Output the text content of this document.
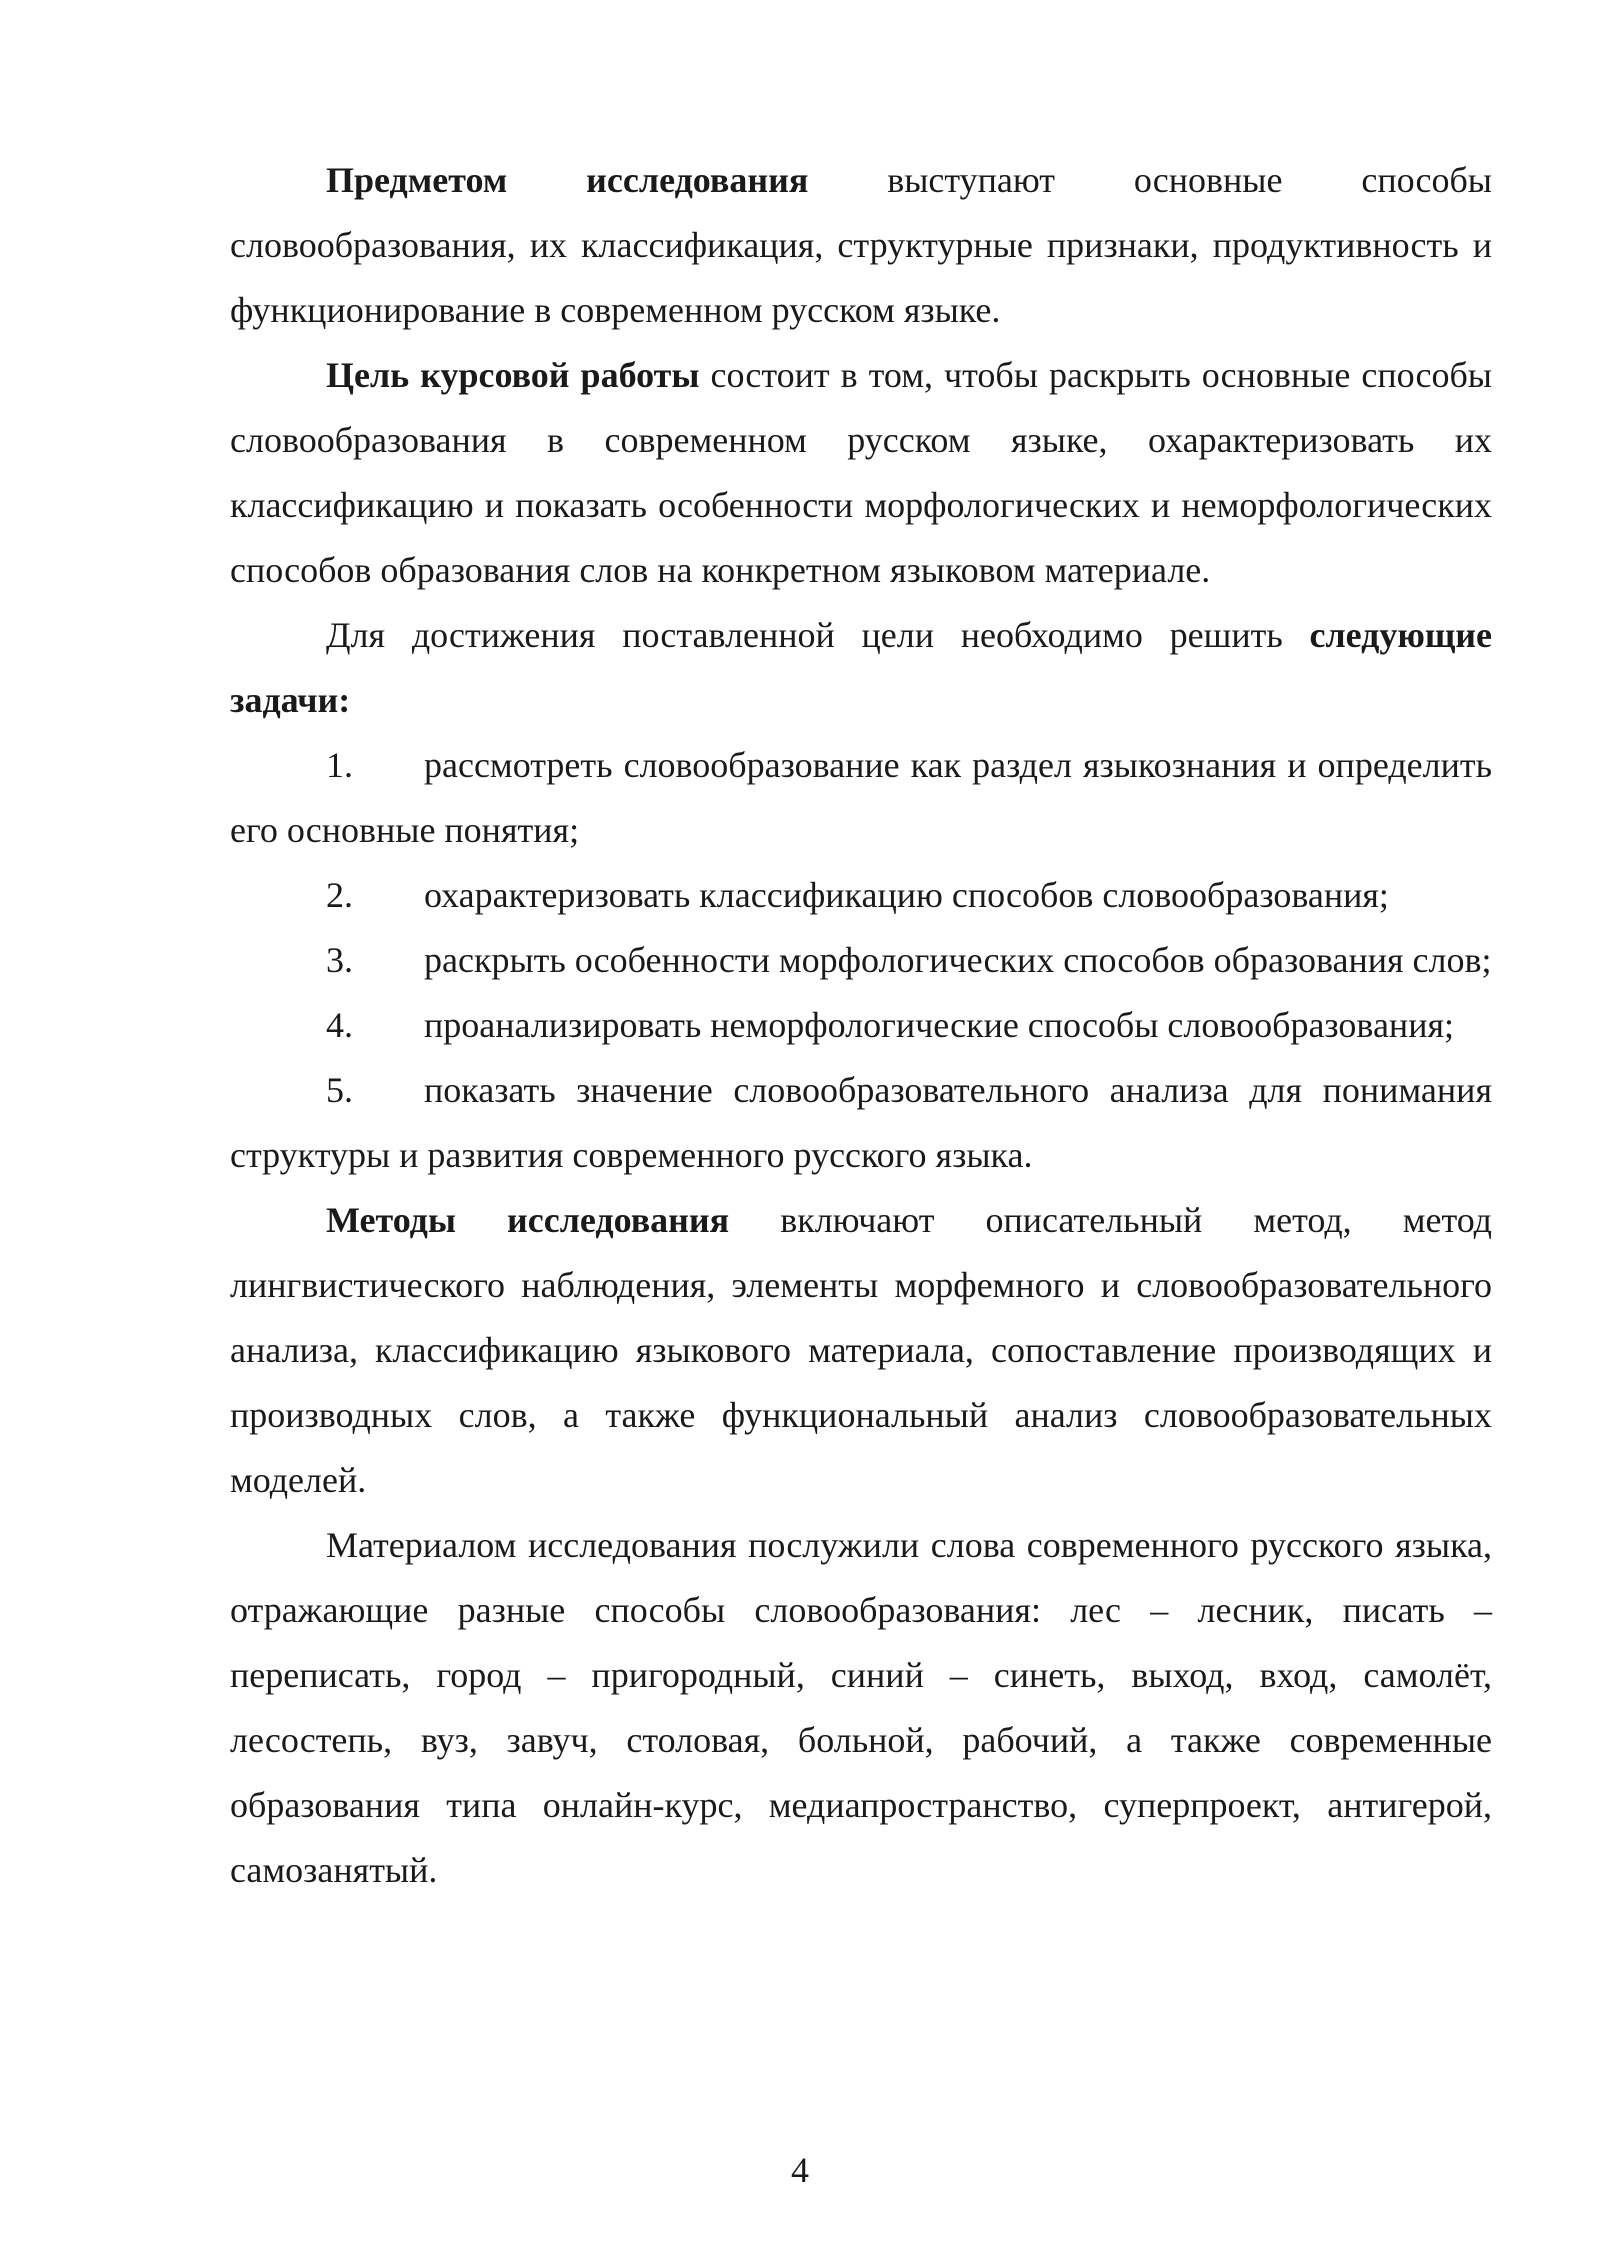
Предметом исследования выступают основные способы словообразования, их классификация, структурные признаки, продуктивность и функционирование в современном русском языке.

Цель курсовой работы состоит в том, чтобы раскрыть основные способы словообразования в современном русском языке, охарактеризовать их классификацию и показать особенности морфологических и неморфологических способов образования слов на конкретном языковом материале.

Для достижения поставленной цели необходимо решить следующие задачи:

1. рассмотреть словообразование как раздел языкознания и определить его основные понятия;

2. охарактеризовать классификацию способов словообразования;

3. раскрыть особенности морфологических способов образования слов;

4. проанализировать неморфологические способы словообразования;

5. показать значение словообразовательного анализа для понимания структуры и развития современного русского языка.

Методы исследования включают описательный метод, метод лингвистического наблюдения, элементы морфемного и словообразовательного анализа, классификацию языкового материала, сопоставление производящих и производных слов, а также функциональный анализ словообразовательных моделей.

Материалом исследования послужили слова современного русского языка, отражающие разные способы словообразования: лес – лесник, писать – переписать, город – пригородный, синий – синеть, выход, вход, самолёт, лесостепь, вуз, завуч, столовая, больной, рабочий, а также современные образования типа онлайн-курс, медиапространство, суперпроект, антигерой, самозанятый.

4
